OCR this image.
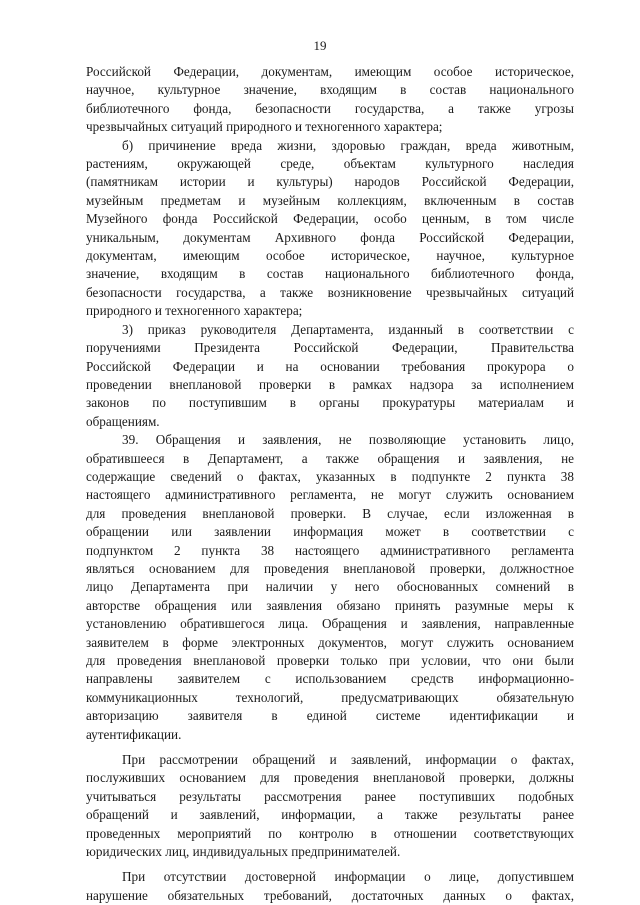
19
Российской Федерации, документам, имеющим особое историческое,
научное, культурное значение, входящим в состав национального
библиотечного фонда, безопасности государства, а также угрозы
чрезвычайных ситуаций природного и техногенного характера;
б) причинение вреда жизни, здоровью граждан, вреда животным,
растениям, окружающей среде, объектам культурного наследия
(памятникам истории и культуры) народов Российской Федерации,
музейным предметам и музейным коллекциям, включенным в состав
Музейного фонда Российской Федерации, особо ценным, в том числе
уникальным, документам Архивного фонда Российской Федерации,
документам, имеющим особое историческое, научное, культурное
значение, входящим в состав национального библиотечного фонда,
безопасности государства, а также возникновение чрезвычайных ситуаций
природного и техногенного характера;
3) приказ руководителя Департамента, изданный в соответствии с
поручениями Президента Российской Федерации, Правительства
Российской Федерации и на основании требования прокурора о
проведении внеплановой проверки в рамках надзора за исполнением
законов по поступившим в органы прокуратуры материалам и
обращениям.
39. Обращения и заявления, не позволяющие установить лицо,
обратившееся в Департамент, а также обращения и заявления, не
содержащие сведений о фактах, указанных в подпункте 2 пункта 38
настоящего административного регламента, не могут служить основанием
для проведения внеплановой проверки. В случае, если изложенная в
обращении или заявлении информация может в соответствии с
подпунктом 2 пункта 38 настоящего административного регламента
являться основанием для проведения внеплановой проверки, должностное
лицо Департамента при наличии у него обоснованных сомнений в
авторстве обращения или заявления обязано принять разумные меры к
установлению обратившегося лица. Обращения и заявления, направленные
заявителем в форме электронных документов, могут служить основанием
для проведения внеплановой проверки только при условии, что они были
направлены заявителем с использованием средств информационно-
коммуникационных технологий, предусматривающих обязательную
авторизацию заявителя в единой системе идентификации и
аутентификации.
При рассмотрении обращений и заявлений, информации о фактах,
послуживших основанием для проведения внеплановой проверки, должны
учитываться результаты рассмотрения ранее поступивших подобных
обращений и заявлений, информации, а также результаты ранее
проведенных мероприятий по контролю в отношении соответствующих
юридических лиц, индивидуальных предпринимателей.
При отсутствии достоверной информации о лице, допустившем
нарушение обязательных требований, достаточных данных о фактах,
